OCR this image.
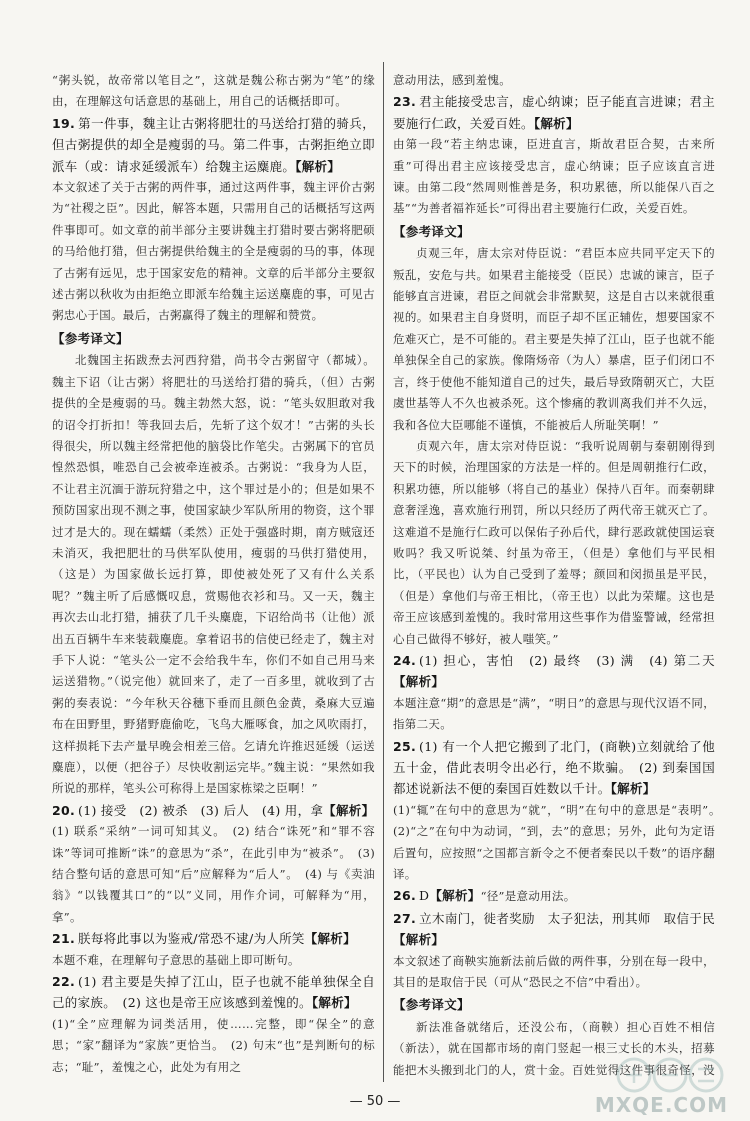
“粥头锐，故帝常以笔目之”，这就是魏公称古粥为“笔”的缘由，在理解这句话意思的基础上，用自己的话概括即可。

19. 第一件事，魏主让古粥将肥壮的马送给打猎的骑兵，但古粥提供的却全是瘦弱的马。第二件事，古粥拒绝立即派车（或：请求延缓派车）给魏主运麋鹿。【解析】

本文叙述了关于古粥的两件事，通过这两件事，魏主评价古粥为“社稷之臣”。因此，解答本题，只需用自己的话概括写这两件事即可。如文章的前半部分主要讲魏主打猎时要古粥将肥硕的马给他打猎，但古粥提供给魏主的全是瘦弱的马的事，体现了古粥有远见，忠于国家安危的精神。文章的后半部分主要叙述古粥以秋收为由拒绝立即派车给魏主运送麋鹿的事，可见古粥忠心于国。最后，古粥赢得了魏主的理解和赞赏。

【参考译文】

北魏国主拓跋焘去河西狩猎，尚书令古粥留守（都城）。魏主下诏（让古粥）将肥壮的马送给打猎的骑兵，（但）古粥提供的全是瘦弱的马。魏主勃然大怒，说：“笔头奴胆敢对我的诏令打折扣！等我回去后，先斩了这个奴才！”古粥的头长得很尖，所以魏主经常把他的脑袋比作笔尖。古粥属下的官员惶然恐惧，唯恐自己会被牵连被杀。古粥说：“我身为人臣，不让君主沉湎于游玩狩猎之中，这个罪过是小的；但是如果不预防国家出现不测之事，使国家缺少军队所用的物资，这个罪过才是大的。现在蠕蠕（柔然）正处于强盛时期，南方贼寇还未消灭，我把肥壮的马供军队使用，瘦弱的马供打猎使用，（这是）为国家做长远打算，即使被处死了又有什么关系呢？”魏主听了后感慨叹息，赏赐他衣衫和马。又一天，魏主再次去山北打猎，捕获了几千头麋鹿，下诏给尚书（让他）派出五百辆牛车来装载麋鹿。拿着诏书的信使已经走了，魏主对手下人说：“笔头公一定不会给我牛车，你们不如自己用马来运送猎物。”（说完他）就回来了，走了一百多里，就收到了古粥的奏表说：“今年秋天谷穗下垂而且颜色金黄，桑麻大豆遍布在田野里，野猪野鹿偷吃，飞鸟大雁啄食，加之风吹雨打，这样损耗下去产量早晚会相差三倍。乞请允许推迟延缓（运送麋鹿），以便（把谷子）尽快收割运完毕。”魏主说：“果然如我所说的那样，笔头公可称得上是国家栋梁之臣啊！”

20. (1) 接受　(2) 被杀　(3) 后人　(4) 用，拿【解析】

(1) 联系“采纳”一词可知其义。　(2) 结合“诛死”和“罪不容诛”等词可推断“诛”的意思为“杀”，在此引申为“被杀”。　(3) 结合整句话的意思可知“后”应解释为“后人”。　(4) 与《卖油翁》“以钱覆其口”的“以”义同，用作介词，可解释为“用，拿”。

21. 朕每将此事以为鉴戒/常恐不逮/为人所笑【解析】

本题不难，在理解句子意思的基础上即可断句。

22. (1) 君主要是失掉了江山，臣子也就不能单独保全自己的家族。　(2) 这也是帝王应该感到羞愧的。【解析】

(1)“全”应理解为词类活用，使……完整，即“保全”的意思；“家”翻译为“家族”更恰当。　(2) 句末“也”是判断句的标志；“耻”，羞愧之心，此处为有用之

意动用法，感到羞愧。

23. 君主能接受忠言，虚心纳谏；臣子能直言进谏；君主要施行仁政，关爱百姓。【解析】

由第一段“若主纳忠谏，臣进直言，斯故君臣合契，古来所重”可得出君主应该接受忠言，虚心纳谏；臣子应该直言进谏。由第二段“然周则惟善是务，积功累德，所以能保八百之基”“为善者福祚延长”可得出君主要施行仁政，关爱百姓。

【参考译文】

贞观三年，唐太宗对侍臣说：“君臣本应共同平定天下的叛乱，安危与共。如果君主能接受（臣民）忠诚的谏言，臣子能够直言进谏，君臣之间就会非常默契，这是自古以来就很重视的。如果君主自身贤明，而臣子却不匡正辅佐，想要国家不危难灭亡，是不可能的。君主要是失掉了江山，臣子也就不能单独保全自己的家族。像隋炀帝（为人）暴虐，臣子们闭口不言，终于使他不能知道自己的过失，最后导致隋朝灭亡，大臣虞世基等人不久也被杀死。这个惨痛的教训离我们并不久远，我和各位大臣哪能不谨慎，不能被后人所耻笑啊！”

贞观六年，唐太宗对侍臣说：“我听说周朝与秦朝刚得到天下的时候，治理国家的方法是一样的。但是周朝推行仁政，积累功德，所以能够（将自己的基业）保持八百年。而秦朝肆意奢淫逸，喜欢施行刑罚，所以只经历了两代帝王就灭亡了。这难道不是施行仁政可以保佑子孙后代，肆行恶政就使国运衰败吗？我又听说桀、纣虽为帝王，（但是）拿他们与平民相比，（平民也）认为自己受到了羞辱；颜回和闵损虽是平民，（但是）拿他们与帝王相比，（帝王也）以此为荣耀。这也是帝王应该感到羞愧的。我时常用这些事作为借鉴警诫，经常担心自己做得不够好，被人嗤笑。”

24. (1) 担心，害怕　(2) 最终　(3) 满　(4) 第二天【解析】

本题注意“期”的意思是“满”，“明日”的意思与现代汉语不同，指第二天。

25. (1) 有一个人把它搬到了北门，(商鞅)立刻就给了他五十金，借此表明令出必行，绝不欺骗。　(2) 到秦国国都述说新法不便的秦国百姓数以千计。【解析】

(1)“辄”在句中的意思为“就”，“明”在句中的意思是“表明”。　(2)“之”在句中为动词，“到，去”的意思；另外，此句为定语后置句，应按照“之国都言新令之不便者秦民以千数”的语序翻译。

26. D【解析】“径”是意动用法。

27. 立木南门，徙者奖励　太子犯法，刑其师　取信于民【解析】

本文叙述了商鞅实施新法前后做的两件事，分别在每一段中，其目的是取信于民（可从“恐民之不信”中看出）。

【参考译文】

新法准备就绪后，还没公布，（商鞅）担心百姓不相信（新法），就在国都市场的南门竖起一根三丈长的木头，招募能把木头搬到北门的人，赏十金。百姓觉得这件事很奇怪，没

— 50 —	MXQE.COM
